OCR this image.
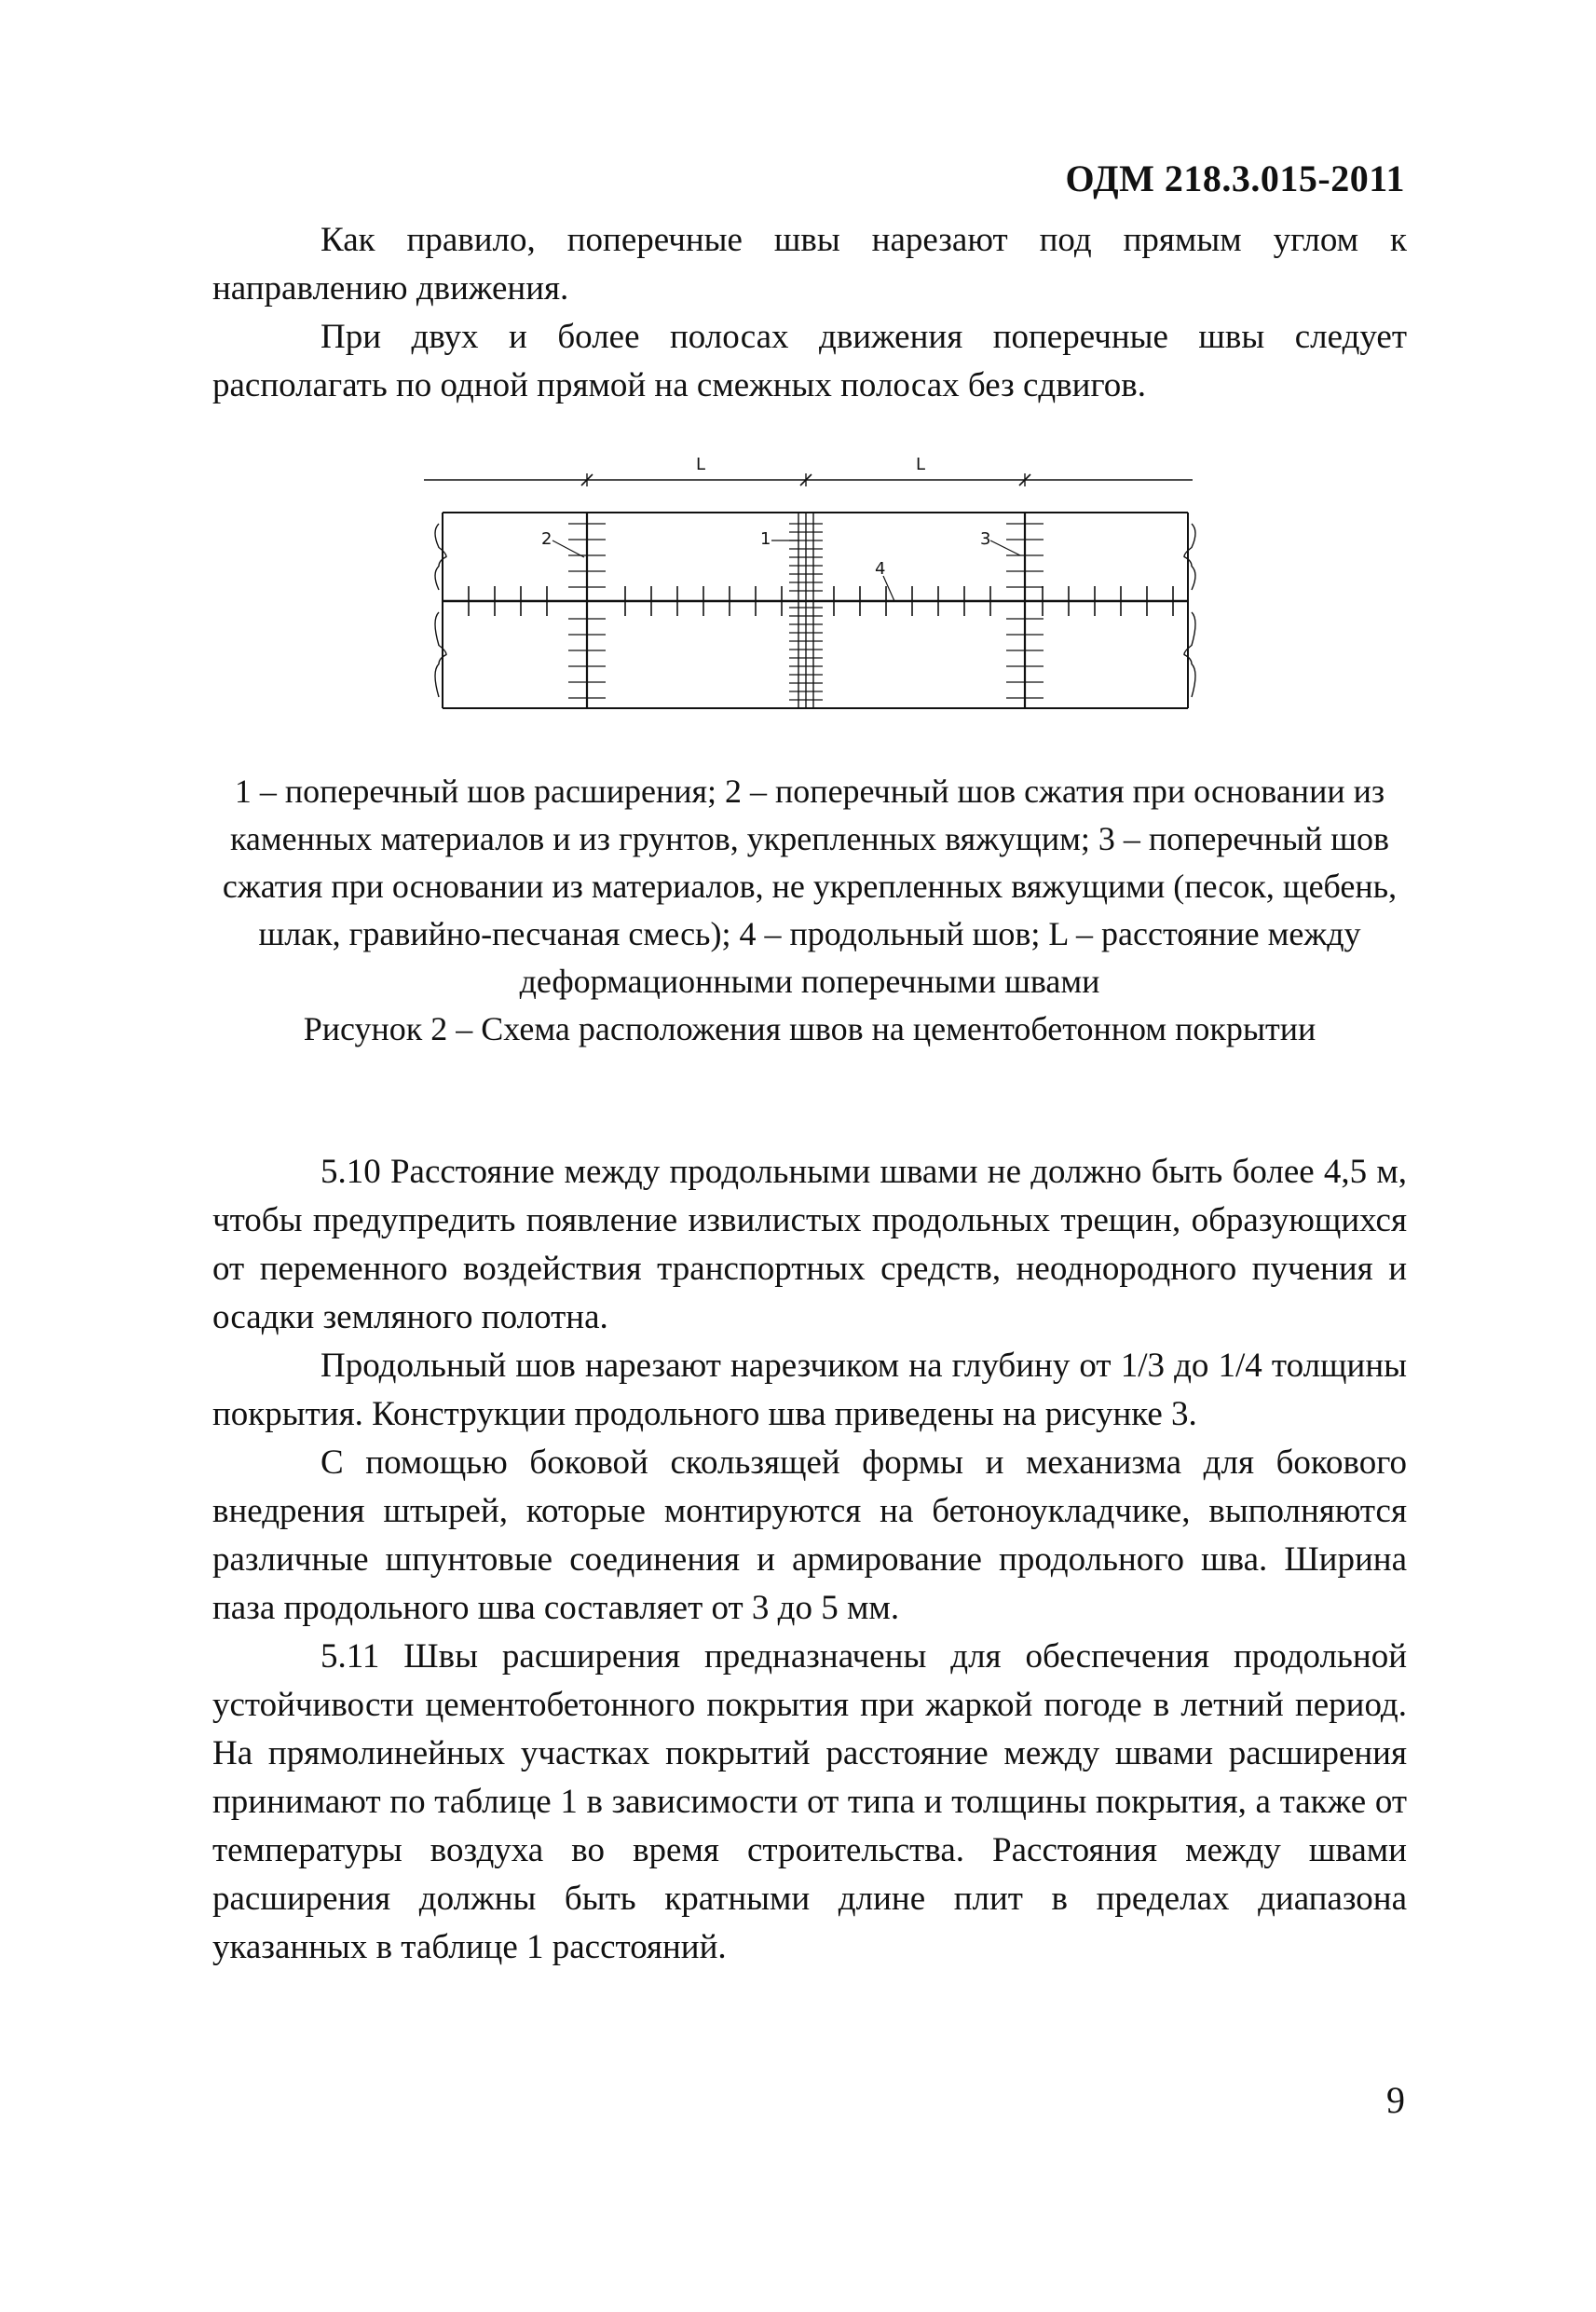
ОДМ 218.3.015-2011

Как правило, поперечные швы нарезают под прямым углом к направлению движения.

При двух и более полосах движения поперечные швы следует располагать по одной прямой на смежных полосах без сдвигов.

L	L
2	1	3
4

1 – поперечный шов расширения; 2 – поперечный шов сжатия при основании из каменных материалов и из грунтов, укрепленных вяжущим; 3 – поперечный шов сжатия при основании из материалов, не укрепленных вяжущими (песок, щебень, шлак, гравийно-песчаная смесь); 4 – продольный шов; L – расстояние между деформационными поперечными швами

Рисунок 2 – Схема расположения швов на цементобетонном покрытии

5.10 Расстояние между продольными швами не должно быть более 4,5 м, чтобы предупредить появление извилистых продольных трещин, образующихся от переменного воздействия транспортных средств, неоднородного пучения и осадки земляного полотна.

Продольный шов нарезают нарезчиком на глубину от 1/3 до 1/4 толщины покрытия. Конструкции продольного шва приведены на рисунке 3.

С помощью боковой скользящей формы и механизма для бокового внедрения штырей, которые монтируются на бетоноукладчике, выполняются различные шпунтовые соединения и армирование продольного шва. Ширина паза продольного шва составляет от 3 до 5 мм.

5.11 Швы расширения предназначены для обеспечения продольной устойчивости цементобетонного покрытия при жаркой погоде в летний период. На прямолинейных участках покрытий расстояние между швами расширения принимают по таблице 1 в зависимости от типа и толщины покрытия, а также от температуры воздуха во время строительства. Расстояния между швами расширения должны быть кратными длине плит в пределах диапазона указанных в таблице 1 расстояний.

9
